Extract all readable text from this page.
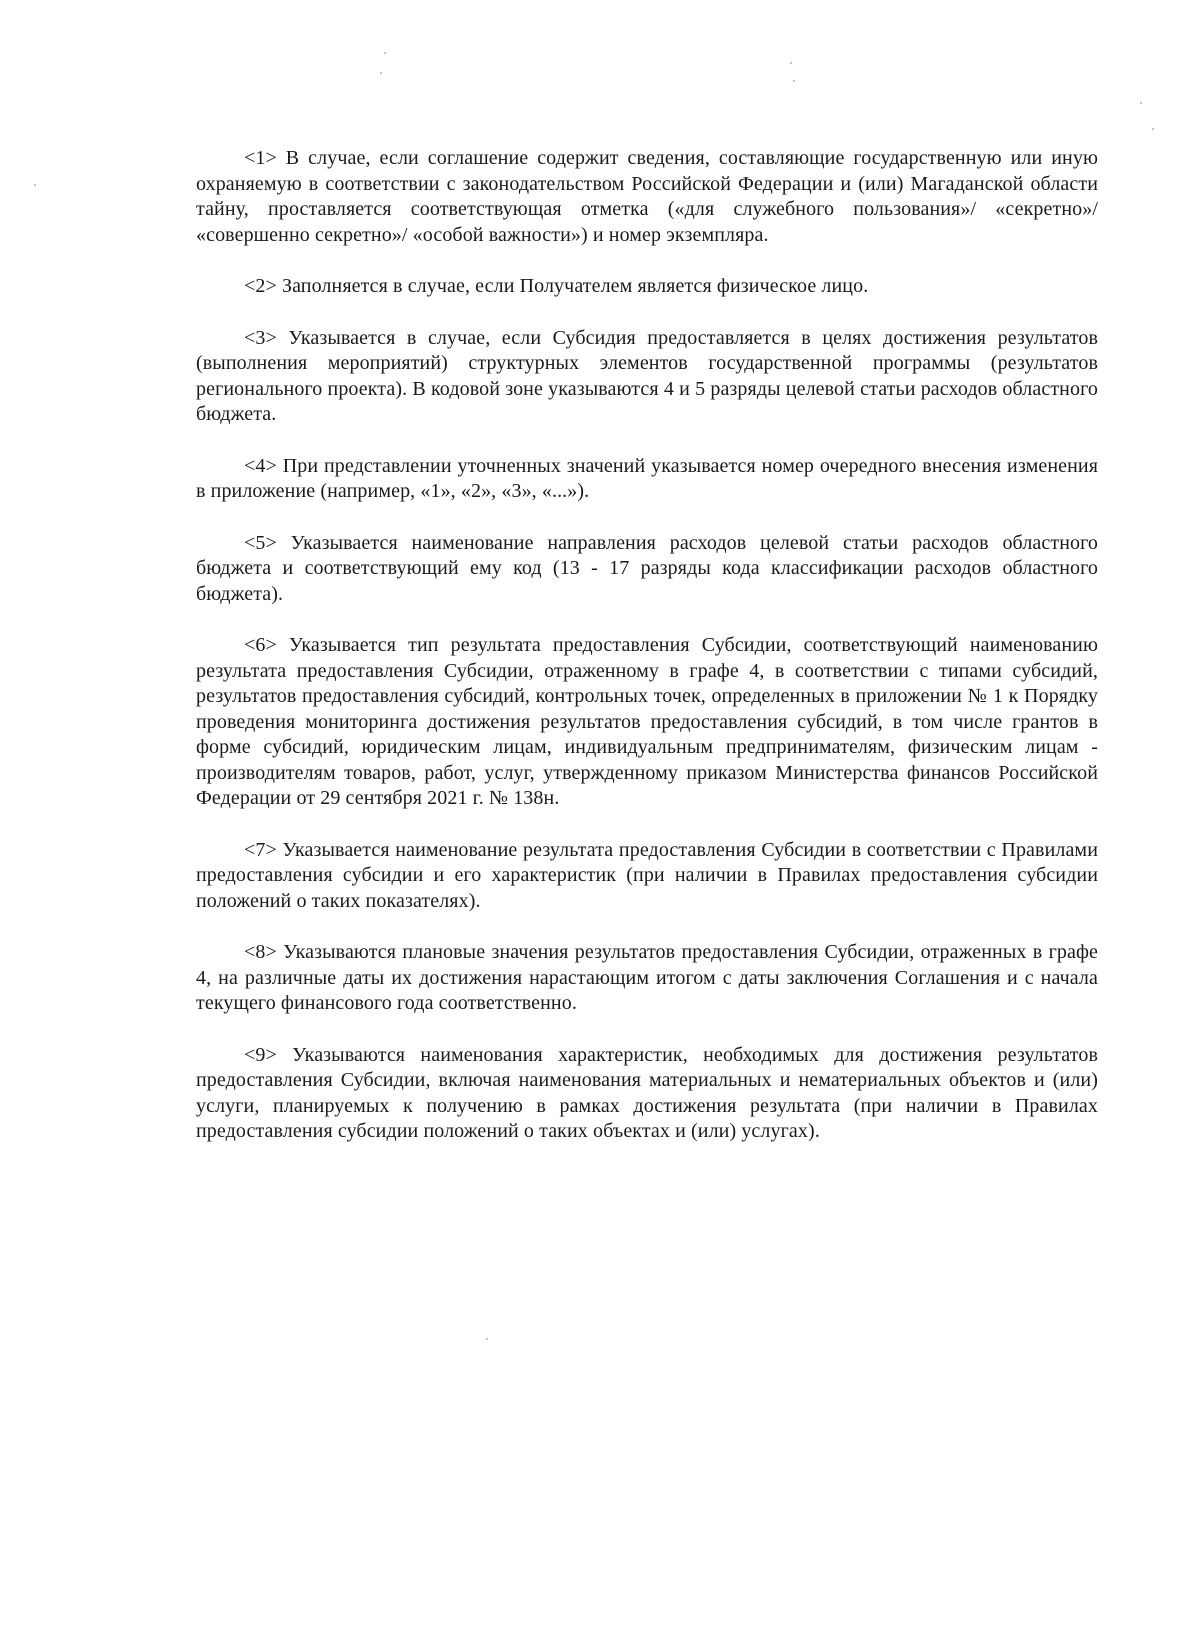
<1> В случае, если соглашение содержит сведения, составляющие государственную или иную охраняемую в соответствии с законодательством Российской Федерации и (или) Магаданской области тайну, проставляется соответствующая отметка («для служебного пользования»/ «секретно»/ «совершенно секретно»/ «особой важности») и номер экземпляра.

<2> Заполняется в случае, если Получателем является физическое лицо.

<3> Указывается в случае, если Субсидия предоставляется в целях достижения результатов (выполнения мероприятий) структурных элементов государственной программы (результатов регионального проекта). В кодовой зоне указываются 4 и 5 разряды целевой статьи расходов областного бюджета.

<4> При представлении уточненных значений указывается номер очередного внесения изменения в приложение (например, «1», «2», «3», «...»).

<5> Указывается наименование направления расходов целевой статьи расходов областного бюджета и соответствующий ему код (13 - 17 разряды кода классификации расходов областного бюджета).

<6> Указывается тип результата предоставления Субсидии, соответствующий наименованию результата предоставления Субсидии, отраженному в графе 4, в соответствии с типами субсидий, результатов предоставления субсидий, контрольных точек, определенных в приложении № 1 к Порядку проведения мониторинга достижения результатов предоставления субсидий, в том числе грантов в форме субсидий, юридическим лицам, индивидуальным предпринимателям, физическим лицам - производителям товаров, работ, услуг, утвержденному приказом Министерства финансов Российской Федерации от 29 сентября 2021 г. № 138н.

<7> Указывается наименование результата предоставления Субсидии в соответствии с Правилами предоставления субсидии и его характеристик (при наличии в Правилах предоставления субсидии положений о таких показателях).

<8> Указываются плановые значения результатов предоставления Субсидии, отраженных в графе 4, на различные даты их достижения нарастающим итогом с даты заключения Соглашения и с начала текущего финансового года соответственно.

<9> Указываются наименования характеристик, необходимых для достижения результатов предоставления Субсидии, включая наименования материальных и нематериальных объектов и (или) услуги, планируемых к получению в рамках достижения результата (при наличии в Правилах предоставления субсидии положений о таких объектах и (или) услугах).
